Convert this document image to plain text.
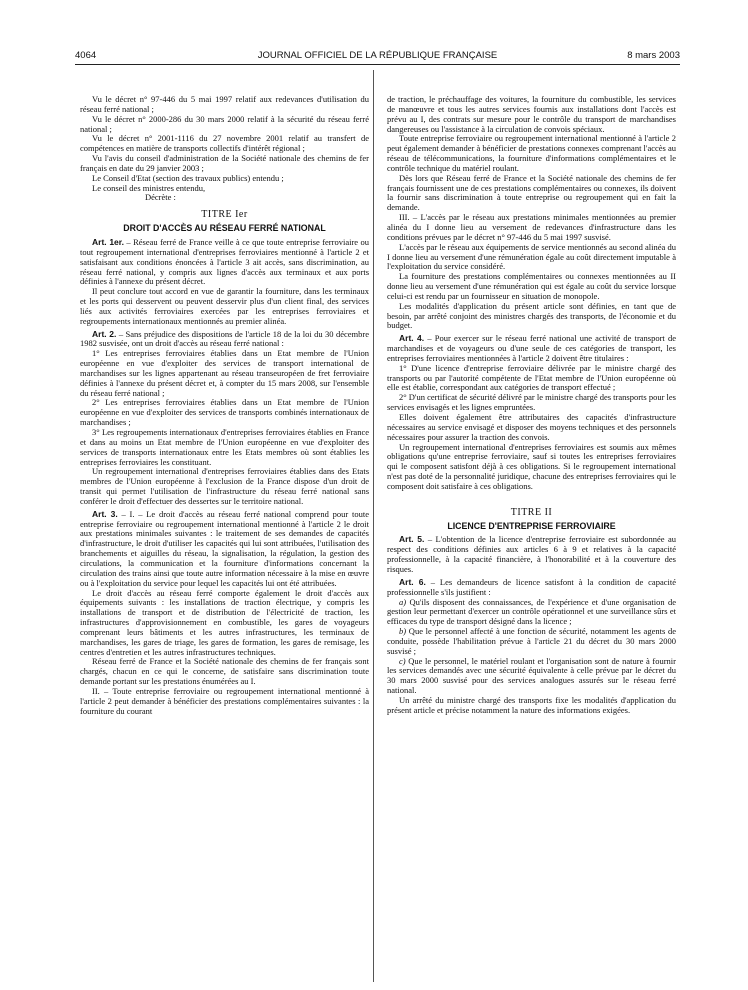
4064	JOURNAL OFFICIEL DE LA RÉPUBLIQUE FRANÇAISE	8 mars 2003

Vu le décret n° 97-446 du 5 mai 1997 relatif aux redevances d'utilisation du réseau ferré national ;

Vu le décret n° 2000-286 du 30 mars 2000 relatif à la sécurité du réseau ferré national ;

Vu le décret n° 2001-1116 du 27 novembre 2001 relatif au transfert de compétences en matière de transports collectifs d'intérêt régional ;

Vu l'avis du conseil d'administration de la Société nationale des chemins de fer français en date du 29 janvier 2003 ;

Le Conseil d'Etat (section des travaux publics) entendu ;

Le conseil des ministres entendu,

Décrète :

TITRE Ier
DROIT D'ACCÈS AU RÉSEAU FERRÉ NATIONAL

Art. 1er. – Réseau ferré de France veille à ce que toute entreprise ferroviaire ou tout regroupement international d'entreprises ferroviaires mentionné à l'article 2 et satisfaisant aux conditions énoncées à l'article 3 ait accès, sans discrimination, au réseau ferré national, y compris aux lignes d'accès aux terminaux et aux ports définies à l'annexe du présent décret.

Il peut conclure tout accord en vue de garantir la fourniture, dans les terminaux et les ports qui desservent ou peuvent desservir plus d'un client final, des services liés aux activités ferroviaires exercées par les entreprises ferroviaires et regroupements internationaux mentionnés au premier alinéa.

Art. 2. – Sans préjudice des dispositions de l'article 18 de la loi du 30 décembre 1982 susvisée, ont un droit d'accès au réseau ferré national :

1° Les entreprises ferroviaires établies dans un Etat membre de l'Union européenne en vue d'exploiter des services de transport international de marchandises sur les lignes appartenant au réseau transeuropéen de fret ferroviaire définies à l'annexe du présent décret et, à compter du 15 mars 2008, sur l'ensemble du réseau ferré national ;

2° Les entreprises ferroviaires établies dans un Etat membre de l'Union européenne en vue d'exploiter des services de transports combinés internationaux de marchandises ;

3° Les regroupements internationaux d'entreprises ferroviaires établies en France et dans au moins un Etat membre de l'Union européenne en vue d'exploiter des services de transports internationaux entre les Etats membres où sont établies les entreprises ferroviaires les constituant.

Un regroupement international d'entreprises ferroviaires établies dans des Etats membres de l'Union européenne à l'exclusion de la France dispose d'un droit de transit qui permet l'utilisation de l'infrastructure du réseau ferré national sans conférer le droit d'effectuer des dessertes sur le territoire national.

Art. 3. – I. – Le droit d'accès au réseau ferré national comprend pour toute entreprise ferroviaire ou regroupement international mentionné à l'article 2 le droit aux prestations minimales suivantes : le traitement de ses demandes de capacités d'infrastructure, le droit d'utiliser les capacités qui lui sont attribuées, l'utilisation des branchements et aiguilles du réseau, la signalisation, la régulation, la gestion des circulations, la communication et la fourniture d'informations concernant la circulation des trains ainsi que toute autre information nécessaire à la mise en œuvre ou à l'exploitation du service pour lequel les capacités lui ont été attribuées.

Le droit d'accès au réseau ferré comporte également le droit d'accès aux équipements suivants : les installations de traction électrique, y compris les installations de transport et de distribution de l'électricité de traction, les infrastructures d'approvisionnement en combustible, les gares de voyageurs comprenant leurs bâtiments et les autres infrastructures, les terminaux de marchandises, les gares de triage, les gares de formation, les gares de remisage, les centres d'entretien et les autres infrastructures techniques.

Réseau ferré de France et la Société nationale des chemins de fer français sont chargés, chacun en ce qui le concerne, de satisfaire sans discrimination toute demande portant sur les prestations énumérées au I.

II. – Toute entreprise ferroviaire ou regroupement international mentionné à l'article 2 peut demander à bénéficier des prestations complémentaires suivantes : la fourniture du courant

de traction, le préchauffage des voitures, la fourniture du combustible, les services de manœuvre et tous les autres services fournis aux installations dont l'accès est prévu au I, des contrats sur mesure pour le contrôle du transport de marchandises dangereuses ou l'assistance à la circulation de convois spéciaux.

Toute entreprise ferroviaire ou regroupement international mentionné à l'article 2 peut également demander à bénéficier de prestations connexes comprenant l'accès au réseau de télécommunications, la fourniture d'informations complémentaires et le contrôle technique du matériel roulant.

Dès lors que Réseau ferré de France et la Société nationale des chemins de fer français fournissent une de ces prestations complémentaires ou connexes, ils doivent la fournir sans discrimination à toute entreprise ou regroupement qui en fait la demande.

III. – L'accès par le réseau aux prestations minimales mentionnées au premier alinéa du I donne lieu au versement de redevances d'infrastructure dans les conditions prévues par le décret n° 97-446 du 5 mai 1997 susvisé.

L'accès par le réseau aux équipements de service mentionnés au second alinéa du I donne lieu au versement d'une rémunération égale au coût directement imputable à l'exploitation du service considéré.

La fourniture des prestations complémentaires ou connexes mentionnées au II donne lieu au versement d'une rémunération qui est égale au coût du service lorsque celui-ci est rendu par un fournisseur en situation de monopole.

Les modalités d'application du présent article sont définies, en tant que de besoin, par arrêté conjoint des ministres chargés des transports, de l'économie et du budget.

Art. 4. – Pour exercer sur le réseau ferré national une activité de transport de marchandises et de voyageurs ou d'une seule de ces catégories de transport, les entreprises ferroviaires mentionnées à l'article 2 doivent être titulaires :

1° D'une licence d'entreprise ferroviaire délivrée par le ministre chargé des transports ou par l'autorité compétente de l'Etat membre de l'Union européenne où elle est établie, correspondant aux catégories de transport effectué ;

2° D'un certificat de sécurité délivré par le ministre chargé des transports pour les services envisagés et les lignes empruntées.

Elles doivent également être attributaires des capacités d'infrastructure nécessaires au service envisagé et disposer des moyens techniques et des personnels nécessaires pour assurer la traction des convois.

Un regroupement international d'entreprises ferroviaires est soumis aux mêmes obligations qu'une entreprise ferroviaire, sauf si toutes les entreprises ferroviaires qui le composent satisfont déjà à ces obligations. Si le regroupement international n'est pas doté de la personnalité juridique, chacune des entreprises ferroviaires qui le composent doit satisfaire à ces obligations.

TITRE II
LICENCE D'ENTREPRISE FERROVIAIRE

Art. 5. – L'obtention de la licence d'entreprise ferroviaire est subordonnée au respect des conditions définies aux articles 6 à 9 et relatives à la capacité professionnelle, à la capacité financière, à l'honorabilité et à la couverture des risques.

Art. 6. – Les demandeurs de licence satisfont à la condition de capacité professionnelle s'ils justifient :

a) Qu'ils disposent des connaissances, de l'expérience et d'une organisation de gestion leur permettant d'exercer un contrôle opérationnel et une surveillance sûrs et efficaces du type de transport désigné dans la licence ;

b) Que le personnel affecté à une fonction de sécurité, notamment les agents de conduite, possède l'habilitation prévue à l'article 21 du décret du 30 mars 2000 susvisé ;

c) Que le personnel, le matériel roulant et l'organisation sont de nature à fournir les services demandés avec une sécurité équivalente à celle prévue par le décret du 30 mars 2000 susvisé pour des services analogues assurés sur le réseau ferré national.

Un arrêté du ministre chargé des transports fixe les modalités d'application du présent article et précise notamment la nature des informations exigées.
